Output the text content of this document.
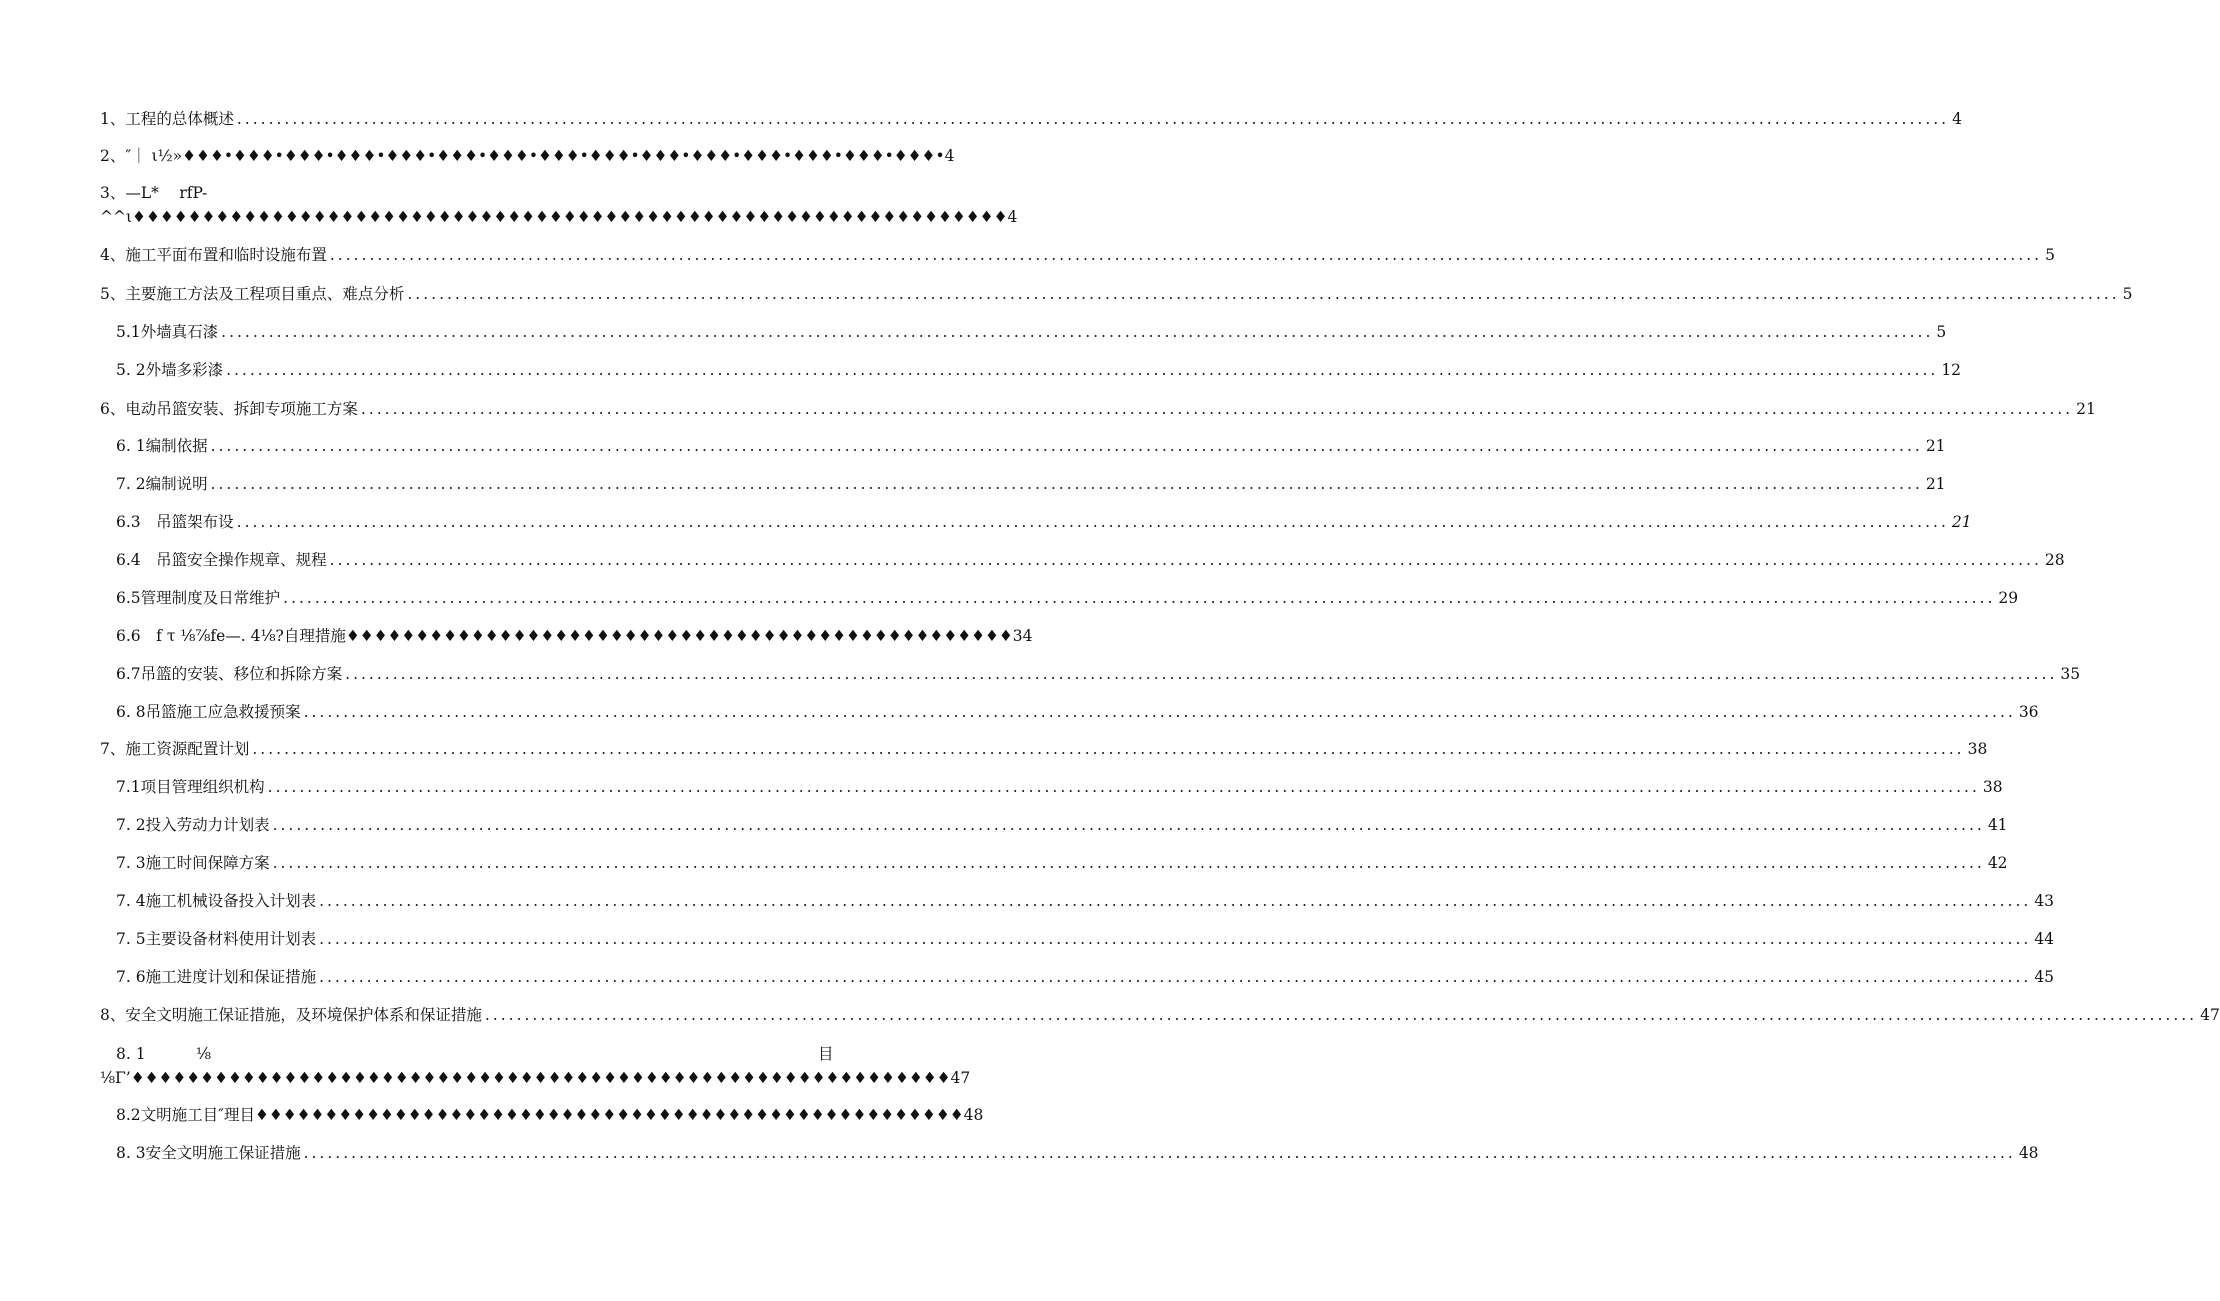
1、工程的总体概述 .....	4
2、″｜ ι½»♦♦♦•♦♦♦•♦♦♦•♦♦♦•♦♦♦•♦♦♦•♦♦♦•♦♦♦•♦♦♦•♦♦♦•♦♦♦•♦♦♦•♦♦♦•♦♦♦•♦♦♦•4
3、—L*　 rfP-
^^ι♦♦♦♦♦♦♦♦♦♦♦♦♦♦♦♦♦♦♦♦♦♦♦♦♦♦♦♦♦♦♦♦♦♦♦♦♦♦♦♦♦♦♦♦♦♦♦♦♦♦♦♦♦♦♦♦♦♦♦♦♦♦♦4
4、施工平面布置和临时设施布置 .....	5
5、主要施工方法及工程项目重点、难点分析 .....	5
5.1外墙真石漆 .....	5
5. 2外墙多彩漆 .....	12
6、电动吊篮安装、拆卸专项施工方案 .....	21
6. 1编制依据 .....	21
7. 2编制说明 .....	21
6.3　吊篮架布设 .....	21
6.4　吊篮安全操作规章、规程 .....	28
6.5管理制度及日常维护 .....	29
6.6　f τ ⅛⅞fe—. 4⅛?自理措施♦♦♦♦♦♦♦♦♦♦♦♦♦♦♦♦♦♦♦♦♦♦♦♦♦♦♦♦♦♦♦♦♦♦♦♦♦♦♦♦♦♦♦♦♦♦♦♦34
6.7吊篮的安装、移位和拆除方案 .....	35
6. 8吊篮施工应急救援预案 .....	36
7、施工资源配置计划 .....	38
7.1项目管理组织机构 .....	38
7. 2投入劳动力计划表 .....	41
7. 3施工时间保障方案 .....	42
7. 4施工机械设备投入计划表 .....	43
7. 5主要设备材料使用计划表 .....	44
7. 6施工进度计划和保证措施 .....	45
8、安全文明施工保证措施，及环境保护体系和保证措施 .....	47
8. 1	⅛	目
⅛Γ’♦♦♦♦♦♦♦♦♦♦♦♦♦♦♦♦♦♦♦♦♦♦♦♦♦♦♦♦♦♦♦♦♦♦♦♦♦♦♦♦♦♦♦♦♦♦♦♦♦♦♦♦♦♦♦♦♦♦♦47
8.2文明施工目″理目♦♦♦♦♦♦♦♦♦♦♦♦♦♦♦♦♦♦♦♦♦♦♦♦♦♦♦♦♦♦♦♦♦♦♦♦♦♦♦♦♦♦♦♦♦♦♦♦♦♦♦48
8. 3安全文明施工保证措施 .....	48
